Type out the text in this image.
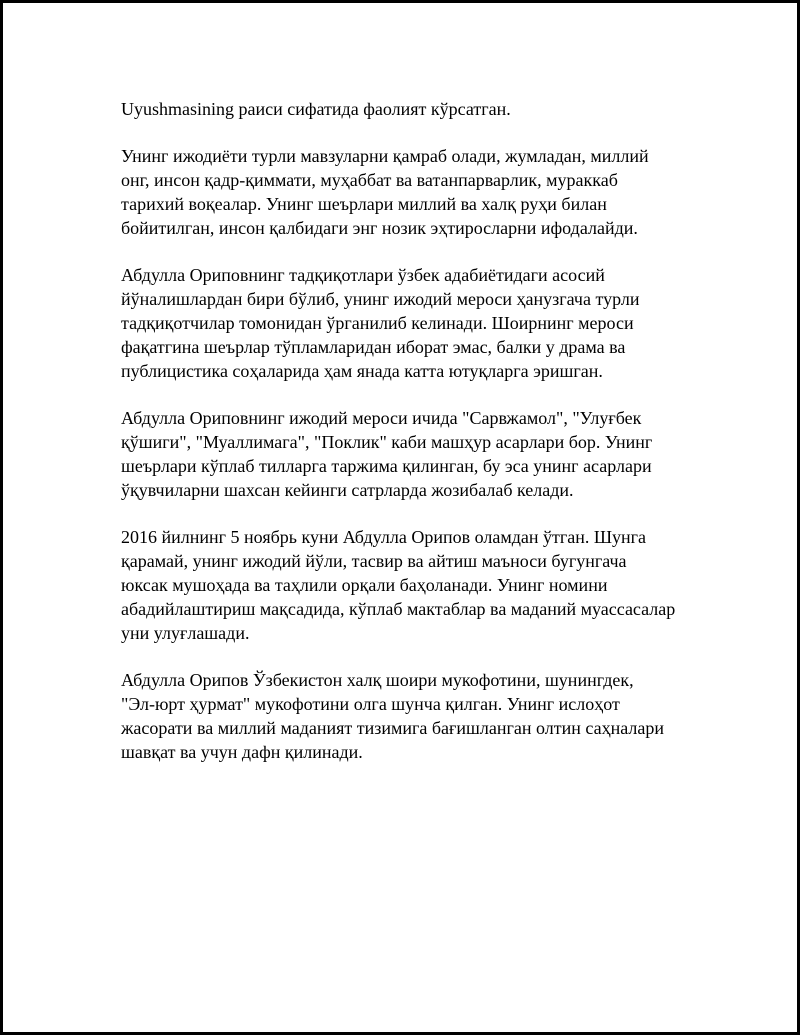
Uyushmasining раиси сифатида фаолият кўрсатган.

Унинг ижодиёти турли мавзуларни қамраб олади, жумладан, миллий
онг, инсон қадр-қиммати, муҳаббат ва ватанпарварлик, мураккаб
тарихий воқеалар. Унинг шеърлари миллий ва халқ руҳи билан
бойитилган, инсон қалбидаги энг нозик эҳтиросларни ифодалайди.

Абдулла Ориповнинг тадқиқотлари ўзбек адабиётидаги асосий
йўналишлардан бири бўлиб, унинг ижодий мероси ҳанузгача турли
тадқиқотчилар томонидан ўрганилиб келинади. Шоирнинг мероси
фақатгина шеърлар тўпламларидан иборат эмас, балки у драма ва
публицистика соҳаларида ҳам янада катта ютуқларга эришган.

Абдулла Ориповнинг ижодий мероси ичида "Сарвжамол", "Улуғбек
қўшиги", "Муаллимага", "Поклик" каби машҳур асарлари бор. Унинг
шеърлари кўплаб тилларга таржима қилинган, бу эса унинг асарлари
ўқувчиларни шахсан кейинги сатрларда жозибалаб келади.

2016 йилнинг 5 ноябрь куни Абдулла Орипов оламдан ўтган. Шунга
қарамай, унинг ижодий йўли, тасвир ва айтиш маъноси бугунгача
юксак мушоҳада ва таҳлили орқали баҳоланади. Унинг номини
абадийлаштириш мақсадида, кўплаб мактаблар ва маданий муассасалар
уни улуғлашади.

Абдулла Орипов Ўзбекистон халқ шоири мукофотини, шунингдек,
"Эл-юрт ҳурмат" мукофотини олга шунча қилган. Унинг ислоҳот
жасорати ва миллий маданият тизимига бағишланган олтин саҳналари
шавқат ва учун дафн қилинади.
